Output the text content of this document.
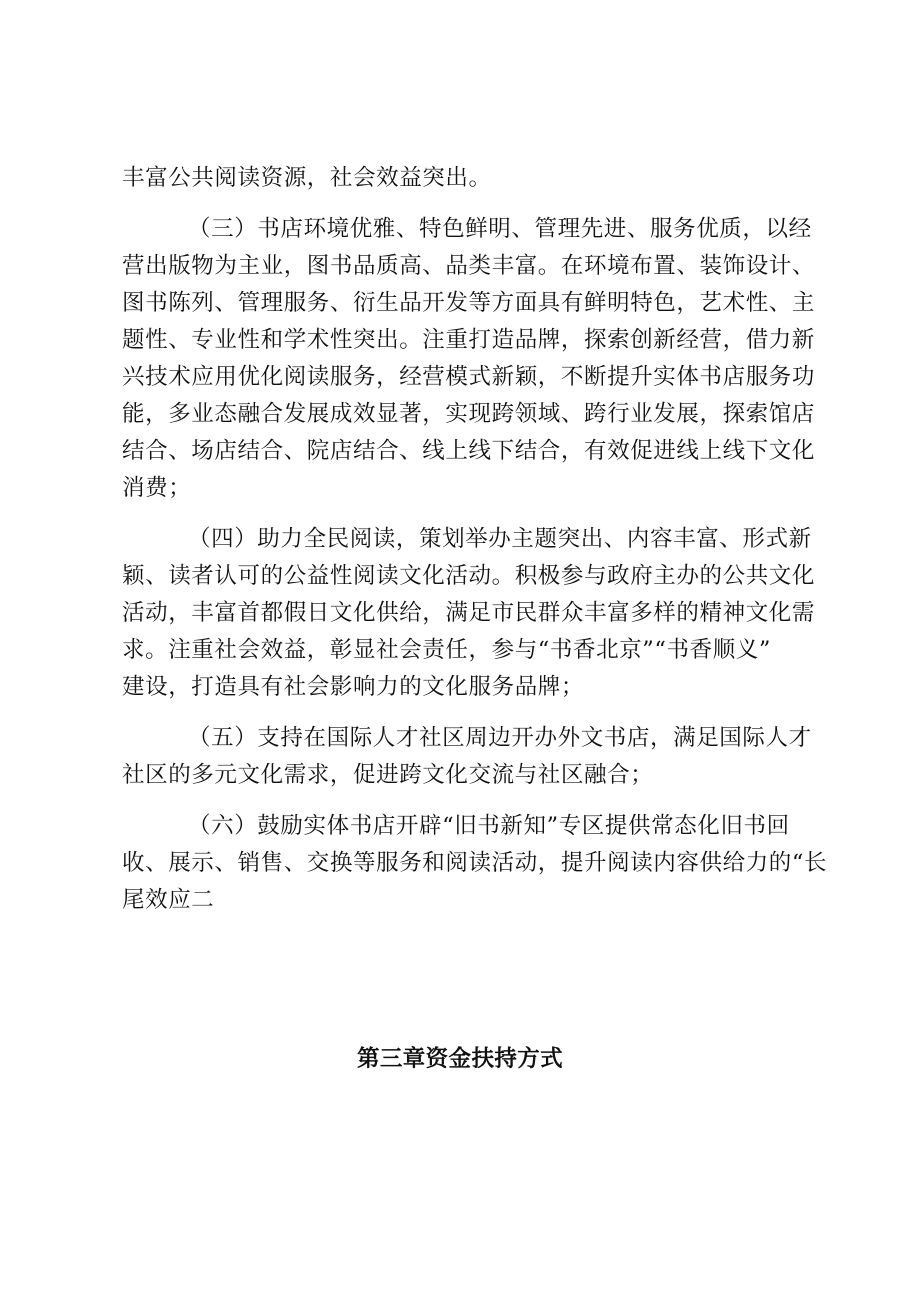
丰富公共阅读资源，社会效益突出。
（三）书店环境优雅、特色鲜明、管理先进、服务优质，以经
营出版物为主业，图书品质高、品类丰富。在环境布置、装饰设计、
图书陈列、管理服务、衍生品开发等方面具有鲜明特色，艺术性、主
题性、专业性和学术性突出。注重打造品牌，探索创新经营，借力新
兴技术应用优化阅读服务，经营模式新颖，不断提升实体书店服务功
能，多业态融合发展成效显著，实现跨领域、跨行业发展，探索馆店
结合、场店结合、院店结合、线上线下结合，有效促进线上线下文化
消费；
（四）助力全民阅读，策划举办主题突出、内容丰富、形式新
颖、读者认可的公益性阅读文化活动。积极参与政府主办的公共文化
活动，丰富首都假日文化供给，满足市民群众丰富多样的精神文化需
求。注重社会效益，彰显社会责任，参与“书香北京”“书香顺义”
建设，打造具有社会影响力的文化服务品牌；
（五）支持在国际人才社区周边开办外文书店，满足国际人才
社区的多元文化需求，促进跨文化交流与社区融合；
（六）鼓励实体书店开辟“旧书新知”专区提供常态化旧书回
收、展示、销售、交换等服务和阅读活动，提升阅读内容供给力的“长
尾效应二
第三章资金扶持方式
